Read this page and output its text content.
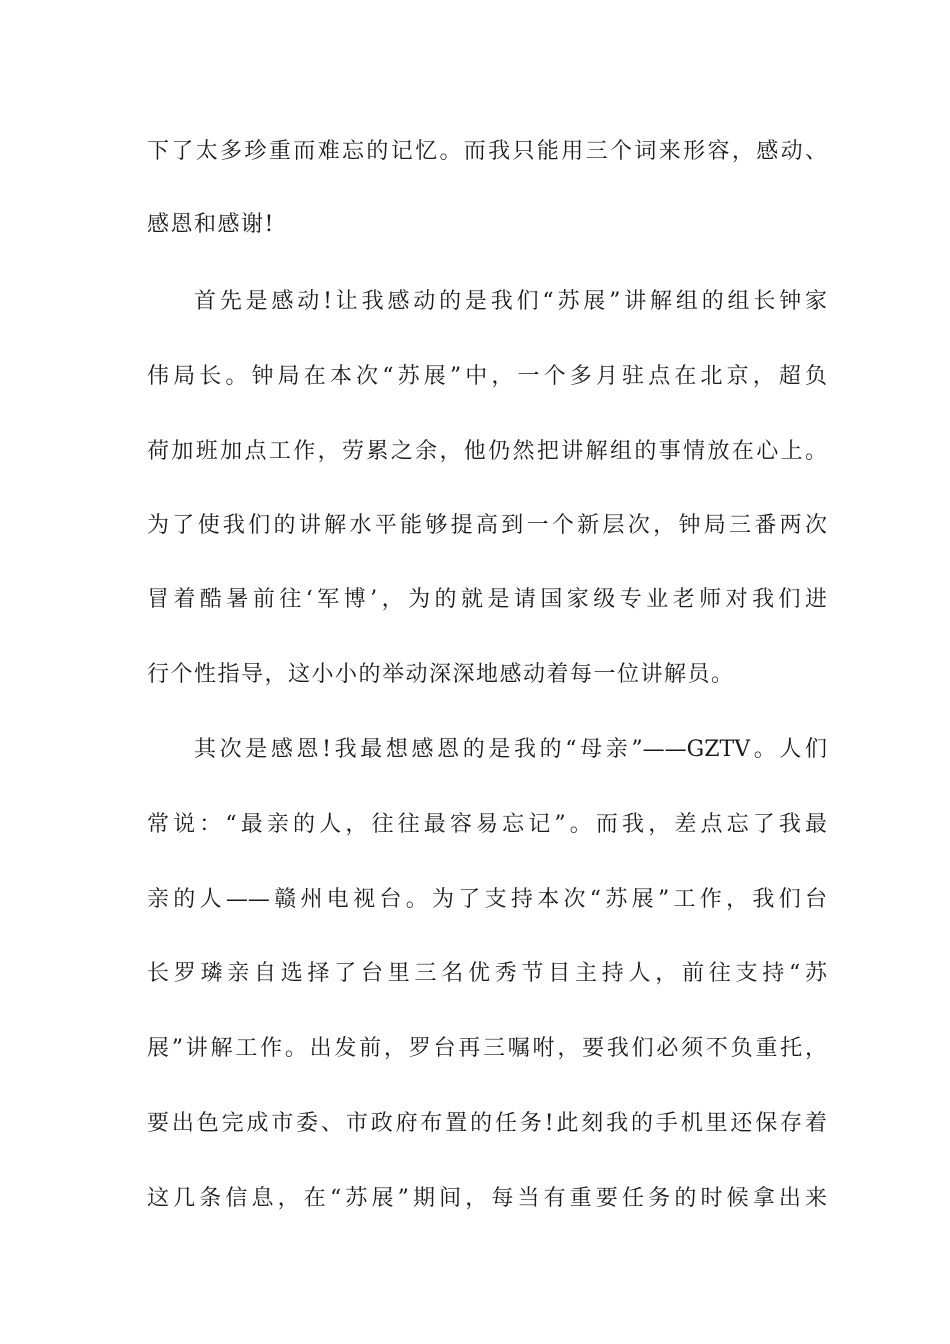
下了太多珍重而难忘的记忆。而我只能用三个词来形容，感动、
感恩和感谢!
首先是感动!让我感动的是我们“苏展”讲解组的组长钟家
伟局长。钟局在本次“苏展”中，一个多月驻点在北京，超负
荷加班加点工作，劳累之余，他仍然把讲解组的事情放在心上。
为了使我们的讲解水平能够提高到一个新层次，钟局三番两次
冒着酷暑前往‘军博’，为的就是请国家级专业老师对我们进
行个性指导，这小小的举动深深地感动着每一位讲解员。
其次是感恩!我最想感恩的是我的“母亲”——GZTV。人们
常说：“最亲的人，往往最容易忘记”。而我，差点忘了我最
亲的人——赣州电视台。为了支持本次“苏展”工作，我们台
长罗璘亲自选择了台里三名优秀节目主持人，前往支持“苏
展”讲解工作。出发前，罗台再三嘱咐，要我们必须不负重托，
要出色完成市委、市政府布置的任务!此刻我的手机里还保存着
这几条信息，在“苏展”期间，每当有重要任务的时候拿出来
